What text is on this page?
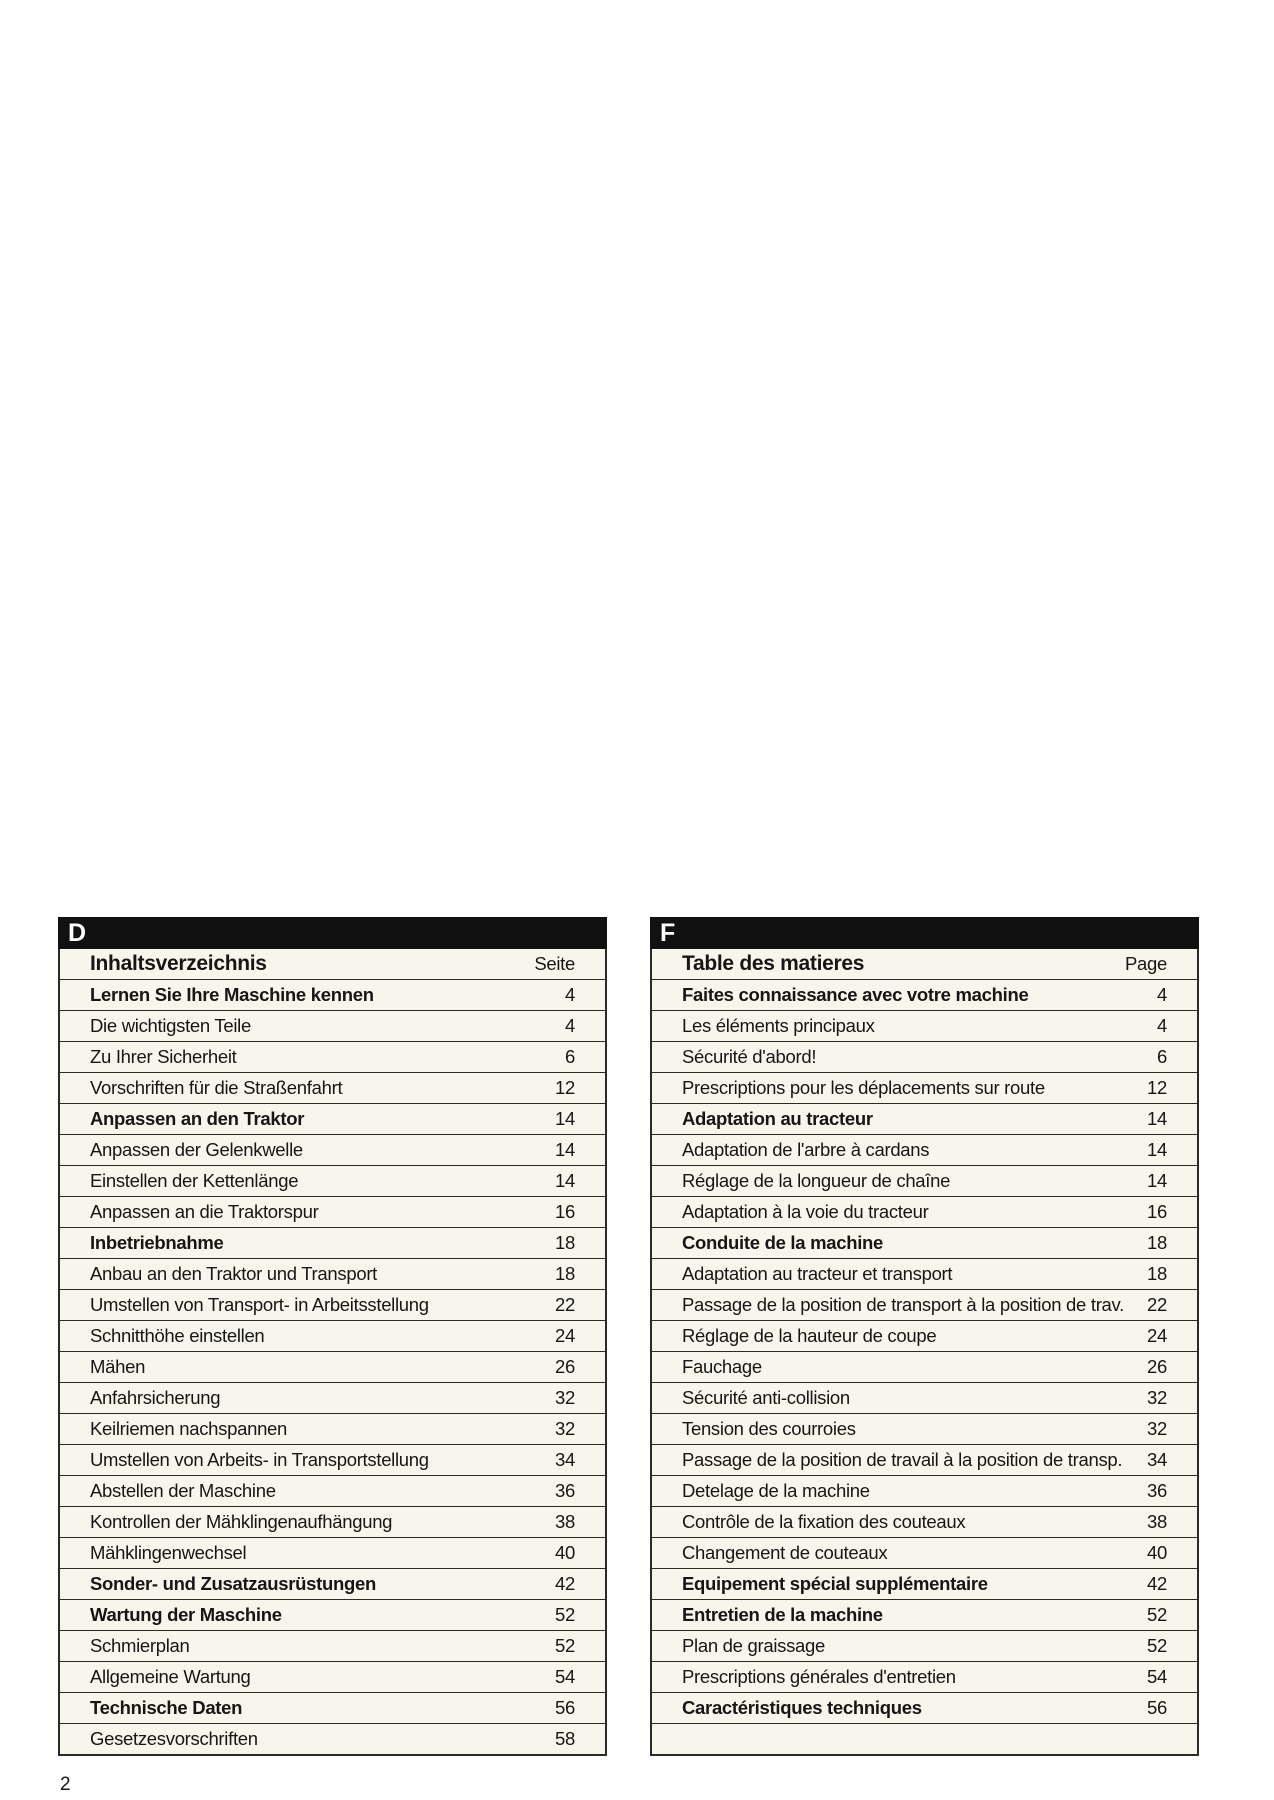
D
Inhaltsverzeichnis	Seite
Lernen Sie Ihre Maschine kennen	4
Die wichtigsten Teile	4
Zu Ihrer Sicherheit	6
Vorschriften für die Straßenfahrt	12
Anpassen an den Traktor	14
Anpassen der Gelenkwelle	14
Einstellen der Kettenlänge	14
Anpassen an die Traktorspur	16
Inbetriebnahme	18
Anbau an den Traktor und Transport	18
Umstellen von Transport- in Arbeitsstellung	22
Schnitthöhe einstellen	24
Mähen	26
Anfahrsicherung	32
Keilriemen nachspannen	32
Umstellen von Arbeits- in Transportstellung	34
Abstellen der Maschine	36
Kontrollen der Mähklingenaufhängung	38
Mähklingenwechsel	40
Sonder- und Zusatzausrüstungen	42
Wartung der Maschine	52
Schmierplan	52
Allgemeine Wartung	54
Technische Daten	56
Gesetzesvorschriften	58
F
Table des matieres	Page
Faites connaissance avec votre machine	4
Les éléments principaux	4
Sécurité d'abord!	6
Prescriptions pour les déplacements sur route	12
Adaptation au tracteur	14
Adaptation de l'arbre à cardans	14
Réglage de la longueur de chaîne	14
Adaptation à la voie du tracteur	16
Conduite de la machine	18
Adaptation au tracteur et transport	18
Passage de la position de transport à la position de trav. 22
Réglage de la hauteur de coupe	24
Fauchage	26
Sécurité anti-collision	32
Tension des courroies	32
Passage de la position de travail à la position de transp. 34
Detelage de la machine	36
Contrôle de la fixation des couteaux	38
Changement de couteaux	40
Equipement spécial supplémentaire	42
Entretien de la machine	52
Plan de graissage	52
Prescriptions générales d'entretien	54
Caractéristiques techniques	56
2
